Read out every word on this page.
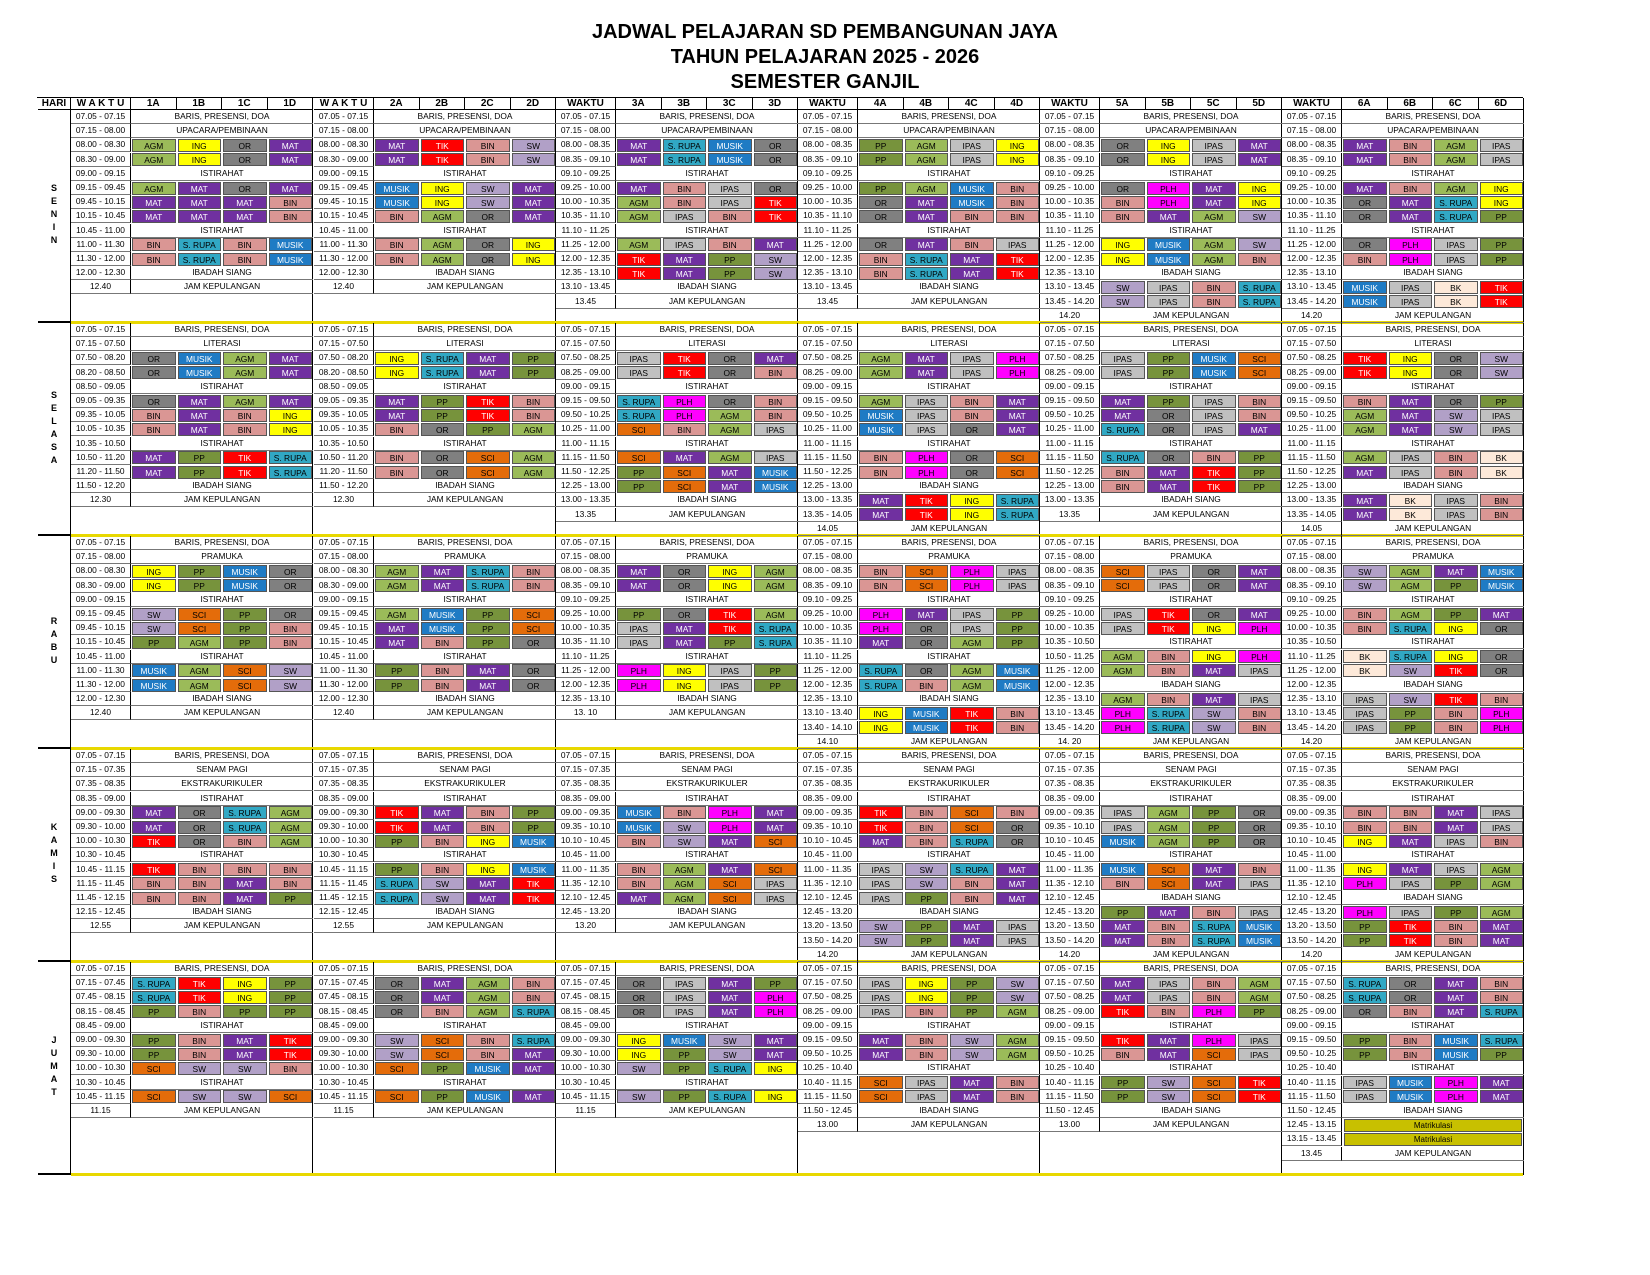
JADWAL PELAJARAN SD PEMBANGUNAN JAYA
TAHUN PELAJARAN 2025 - 2026
SEMESTER GANJIL
HARI	W A K T U	1A	1B	1C	1D	W A K T U	2A	2B	2C	2D	WAKTU	3A	3B	3C	3D	WAKTU	4A	4B	4C	4D	WAKTU	5A	5B	5C	5D	WAKTU	6A	6B	6C	6D
SENIN
07.05 - 07.15	BARIS, PRESENSI, DOA
07.15 - 08.00	UPACARA/PEMBINAAN
08.00 - 08.30	AGM	ING	OR	MAT
08.30 - 09.00	AGM	ING	OR	MAT
09.00 - 09.15	ISTIRAHAT
09.15 - 09.45	AGM	MAT	OR	MAT
09.45 - 10.15	MAT	MAT	MAT	BIN
10.15 - 10.45	MAT	MAT	MAT	BIN
10.45 - 11.00	ISTIRAHAT
11.00 - 11.30	BIN	S. RUPA	BIN	MUSIK
11.30 - 12.00	BIN	S. RUPA	BIN	MUSIK
12.00 - 12.30	IBADAH SIANG
12.40	JAM KEPULANGAN
07.05 - 07.15	BARIS, PRESENSI, DOA
07.15 - 08.00	UPACARA/PEMBINAAN
08.00 - 08.30	MAT	TIK	BIN	SW
08.30 - 09.00	MAT	TIK	BIN	SW
09.00 - 09.15	ISTIRAHAT
09.15 - 09.45	MUSIK	ING	SW	MAT
09.45 - 10.15	MUSIK	ING	SW	MAT
10.15 - 10.45	BIN	AGM	OR	MAT
10.45 - 11.00	ISTIRAHAT
11.00 - 11.30	BIN	AGM	OR	ING
11.30 - 12.00	BIN	AGM	OR	ING
12.00 - 12.30	IBADAH SIANG
12.40	JAM KEPULANGAN
07.05 - 07.15	BARIS, PRESENSI, DOA
07.15 - 08.00	UPACARA/PEMBINAAN
08.00 - 08.35	MAT	S. RUPA	MUSIK	OR
08.35 - 09.10	MAT	S. RUPA	MUSIK	OR
09.10 - 09.25	ISTIRAHAT
09.25 - 10.00	MAT	BIN	IPAS	OR
10.00 - 10.35	AGM	BIN	IPAS	TIK
10.35 - 11.10	AGM	IPAS	BIN	TIK
11.10 - 11.25	ISTIRAHAT
11.25 - 12.00	AGM	IPAS	BIN	MAT
12.00 - 12.35	TIK	MAT	PP	SW
12.35 - 13.10	TIK	MAT	PP	SW
13.10 - 13.45	IBADAH SIANG
13.45	JAM KEPULANGAN
07.05 - 07.15	BARIS, PRESENSI, DOA
07.15 - 08.00	UPACARA/PEMBINAAN
08.00 - 08.35	PP	AGM	IPAS	ING
08.35 - 09.10	PP	AGM	IPAS	ING
09.10 - 09.25	ISTIRAHAT
09.25 - 10.00	PP	AGM	MUSIK	BIN
10.00 - 10.35	OR	MAT	MUSIK	BIN
10.35 - 11.10	OR	MAT	BIN	BIN
11.10 - 11.25	ISTIRAHAT
11.25 - 12.00	OR	MAT	BIN	IPAS
12.00 - 12.35	BIN	S. RUPA	MAT	TIK
12.35 - 13.10	BIN	S. RUPA	MAT	TIK
13.10 - 13.45	IBADAH SIANG
13.45	JAM KEPULANGAN
07.05 - 07.15	BARIS, PRESENSI, DOA
07.15 - 08.00	UPACARA/PEMBINAAN
08.00 - 08.35	OR	ING	IPAS	MAT
08.35 - 09.10	OR	ING	IPAS	MAT
09.10 - 09.25	ISTIRAHAT
09.25 - 10.00	OR	PLH	MAT	ING
10.00 - 10.35	BIN	PLH	MAT	ING
10.35 - 11.10	BIN	MAT	AGM	SW
11.10 - 11.25	ISTIRAHAT
11.25 - 12.00	ING	MUSIK	AGM	SW
12.00 - 12.35	ING	MUSIK	AGM	BIN
12.35 - 13.10	IBADAH SIANG
13.10 - 13.45	SW	IPAS	BIN	S. RUPA
13.45 - 14.20	SW	IPAS	BIN	S. RUPA
14.20	JAM KEPULANGAN
07.05 - 07.15	BARIS, PRESENSI, DOA
07.15 - 08.00	UPACARA/PEMBINAAN
08.00 - 08.35	MAT	BIN	AGM	IPAS
08.35 - 09.10	MAT	BIN	AGM	IPAS
09.10 - 09.25	ISTIRAHAT
09.25 - 10.00	MAT	BIN	AGM	ING
10.00 - 10.35	OR	MAT	S. RUPA	ING
10.35 - 11.10	OR	MAT	S. RUPA	PP
11.10 - 11.25	ISTIRAHAT
11.25 - 12.00	OR	PLH	IPAS	PP
12.00 - 12.35	BIN	PLH	IPAS	PP
12.35 - 13.10	IBADAH SIANG
13.10 - 13.45	MUSIK	IPAS	BK	TIK
13.45 - 14.20	MUSIK	IPAS	BK	TIK
14.20	JAM KEPULANGAN
SELASA
07.05 - 07.15	BARIS, PRESENSI, DOA
07.15 - 07.50	LITERASI
07.50 - 08.20	OR	MUSIK	AGM	MAT
08.20 - 08.50	OR	MUSIK	AGM	MAT
08.50 - 09.05	ISTIRAHAT
09.05 - 09.35	OR	MAT	AGM	MAT
09.35 - 10.05	BIN	MAT	BIN	ING
10.05 - 10.35	BIN	MAT	BIN	ING
10.35 - 10.50	ISTIRAHAT
10.50 - 11.20	MAT	PP	TIK	S. RUPA
11.20 - 11.50	MAT	PP	TIK	S. RUPA
11.50 - 12.20	IBADAH SIANG
12.30	JAM KEPULANGAN
07.05 - 07.15	BARIS, PRESENSI, DOA
07.15 - 07.50	LITERASI
07.50 - 08.20	ING	S. RUPA	MAT	PP
08.20 - 08.50	ING	S. RUPA	MAT	PP
08.50 - 09.05	ISTIRAHAT
09.05 - 09.35	MAT	PP	TIK	BIN
09.35 - 10.05	MAT	PP	TIK	BIN
10.05 - 10.35	BIN	OR	PP	AGM
10.35 - 10.50	ISTIRAHAT
10.50 - 11.20	BIN	OR	SCI	AGM
11.20 - 11.50	BIN	OR	SCI	AGM
11.50 - 12.20	IBADAH SIANG
12.30	JAM KEPULANGAN
07.05 - 07.15	BARIS, PRESENSI, DOA
07.15 - 07.50	LITERASI
07.50 - 08.25	IPAS	TIK	OR	MAT
08.25 - 09.00	IPAS	TIK	OR	BIN
09.00 - 09.15	ISTIRAHAT
09.15 - 09.50	S. RUPA	PLH	OR	BIN
09.50 - 10.25	S. RUPA	PLH	AGM	BIN
10.25 - 11.00	SCI	BIN	AGM	IPAS
11.00 - 11.15	ISTIRAHAT
11.15 - 11.50	SCI	MAT	AGM	IPAS
11.50 - 12.25	PP	SCI	MAT	MUSIK
12.25 - 13.00	PP	SCI	MAT	MUSIK
13.00 - 13.35	IBADAH SIANG
13.35	JAM KEPULANGAN
07.05 - 07.15	BARIS, PRESENSI, DOA
07.15 - 07.50	LITERASI
07.50 - 08.25	AGM	MAT	IPAS	PLH
08.25 - 09.00	AGM	MAT	IPAS	PLH
09.00 - 09.15	ISTIRAHAT
09.15 - 09.50	AGM	IPAS	BIN	MAT
09.50 - 10.25	MUSIK	IPAS	BIN	MAT
10.25 - 11.00	MUSIK	IPAS	OR	MAT
11.00 - 11.15	ISTIRAHAT
11.15 - 11.50	BIN	PLH	OR	SCI
11.50 - 12.25	BIN	PLH	OR	SCI
12.25 - 13.00	IBADAH SIANG
13.00 - 13.35	MAT	TIK	ING	S. RUPA
13.35 - 14.05	MAT	TIK	ING	S. RUPA
14.05	JAM KEPULANGAN
07.05 - 07.15	BARIS, PRESENSI, DOA
07.15 - 07.50	LITERASI
07.50 - 08.25	IPAS	PP	MUSIK	SCI
08.25 - 09.00	IPAS	PP	MUSIK	SCI
09.00 - 09.15	ISTIRAHAT
09.15 - 09.50	MAT	PP	IPAS	BIN
09.50 - 10.25	MAT	OR	IPAS	BIN
10.25 - 11.00	S. RUPA	OR	IPAS	MAT
11.00 - 11.15	ISTIRAHAT
11.15 - 11.50	S. RUPA	OR	BIN	PP
11.50 - 12.25	BIN	MAT	TIK	PP
12.25 - 13.00	BIN	MAT	TIK	PP
13.00 - 13.35	IBADAH SIANG
13.35	JAM KEPULANGAN
07.05 - 07.15	BARIS, PRESENSI, DOA
07.15 - 07.50	LITERASI
07.50 - 08.25	TIK	ING	OR	SW
08.25 - 09.00	TIK	ING	OR	SW
09.00 - 09.15	ISTIRAHAT
09.15 - 09.50	BIN	MAT	OR	PP
09.50 - 10.25	AGM	MAT	SW	IPAS
10.25 - 11.00	AGM	MAT	SW	IPAS
11.00 - 11.15	ISTIRAHAT
11.15 - 11.50	AGM	IPAS	BIN	BK
11.50 - 12.25	MAT	IPAS	BIN	BK
12.25 - 13.00	IBADAH SIANG
13.00 - 13.35	MAT	BK	IPAS	BIN
13.35 - 14.05	MAT	BK	IPAS	BIN
14.05	JAM KEPULANGAN
RABU
07.05 - 07.15	BARIS, PRESENSI, DOA
07.15 - 08.00	PRAMUKA
08.00 - 08.30	ING	PP	MUSIK	OR
08.30 - 09.00	ING	PP	MUSIK	OR
09.00 - 09.15	ISTIRAHAT
09.15 - 09.45	SW	SCI	PP	OR
09.45 - 10.15	SW	SCI	PP	BIN
10.15 - 10.45	PP	AGM	PP	BIN
10.45 - 11.00	ISTIRAHAT
11.00 - 11.30	MUSIK	AGM	SCI	SW
11.30 - 12.00	MUSIK	AGM	SCI	SW
12.00 - 12.30	IBADAH SIANG
12.40	JAM KEPULANGAN
07.05 - 07.15	BARIS, PRESENSI, DOA
07.15 - 08.00	PRAMUKA
08.00 - 08.30	AGM	MAT	S. RUPA	BIN
08.30 - 09.00	AGM	MAT	S. RUPA	BIN
09.00 - 09.15	ISTIRAHAT
09.15 - 09.45	AGM	MUSIK	PP	SCI
09.45 - 10.15	MAT	MUSIK	PP	SCI
10.15 - 10.45	MAT	BIN	PP	OR
10.45 - 11.00	ISTIRAHAT
11.00 - 11.30	PP	BIN	MAT	OR
11.30 - 12.00	PP	BIN	MAT	OR
12.00 - 12.30	IBADAH SIANG
12.40	JAM KEPULANGAN
07.05 - 07.15	BARIS, PRESENSI, DOA
07.15 - 08.00	PRAMUKA
08.00 - 08.35	MAT	OR	ING	AGM
08.35 - 09.10	MAT	OR	ING	AGM
09.10 - 09.25	ISTIRAHAT
09.25 - 10.00	PP	OR	TIK	AGM
10.00 - 10.35	IPAS	MAT	TIK	S. RUPA
10.35 - 11.10	IPAS	MAT	PP	S. RUPA
11.10 - 11.25	ISTIRAHAT
11.25 - 12.00	PLH	ING	IPAS	PP
12.00 - 12.35	PLH	ING	IPAS	PP
12.35 - 13.10	IBADAH SIANG
13. 10	JAM KEPULANGAN
07.05 - 07.15	BARIS, PRESENSI, DOA
07.15 - 08.00	PRAMUKA
08.00 - 08.35	BIN	SCI	PLH	IPAS
08.35 - 09.10	BIN	SCI	PLH	IPAS
09.10 - 09.25	ISTIRAHAT
09.25 - 10.00	PLH	MAT	IPAS	PP
10.00 - 10.35	PLH	OR	IPAS	PP
10.35 - 11.10	MAT	OR	AGM	PP
11.10 - 11.25	ISTIRAHAT
11.25 - 12.00	S. RUPA	OR	AGM	MUSIK
12.00 - 12.35	S. RUPA	BIN	AGM	MUSIK
12.35 - 13.10	IBADAH SIANG
13.10 - 13.40	ING	MUSIK	TIK	BIN
13.40 - 14.10	ING	MUSIK	TIK	BIN
14.10	JAM KEPULANGAN
07.05 - 07.15	BARIS, PRESENSI, DOA
07.15 - 08.00	PRAMUKA
08.00 - 08.35	SCI	IPAS	OR	MAT
08.35 - 09.10	SCI	IPAS	OR	MAT
09.10 - 09.25	ISTIRAHAT
09.25 - 10.00	IPAS	TIK	OR	MAT
10.00 - 10.35	IPAS	TIK	ING	PLH
10.35 - 10.50	ISTIRAHAT
10.50 - 11.25	AGM	BIN	ING	PLH
11.25 - 12.00	AGM	BIN	MAT	IPAS
12.00 - 12.35	IBADAH SIANG
12.35 - 13.10	AGM	BIN	MAT	IPAS
13.10 - 13.45	PLH	S. RUPA	SW	BIN
13.45 - 14.20	PLH	S. RUPA	SW	BIN
14. 20	JAM KEPULANGAN
07.05 - 07.15	BARIS, PRESENSI, DOA
07.15 - 08.00	PRAMUKA
08.00 - 08.35	SW	AGM	MAT	MUSIK
08.35 - 09.10	SW	AGM	PP	MUSIK
09.10 - 09.25	ISTIRAHAT
09.25 - 10.00	BIN	AGM	PP	MAT
10.00 - 10.35	BIN	S. RUPA	ING	OR
10.35 - 10.50	ISTIRAHAT
11.10 - 11.25	BK	S. RUPA	ING	OR
11.25 - 12.00	BK	SW	TIK	OR
12.00 - 12.35	IBADAH SIANG
12.35 - 13.10	IPAS	SW	TIK	BIN
13.10 - 13.45	IPAS	PP	BIN	PLH
13.45 - 14.20	IPAS	PP	BIN	PLH
14.20	JAM KEPULANGAN
KAMIS
07.05 - 07.15	BARIS, PRESENSI, DOA
07.15 - 07.35	SENAM PAGI
07.35 - 08.35	EKSTRAKURIKULER
08.35 - 09.00	ISTIRAHAT
09.00 - 09.30	MAT	OR	S. RUPA	AGM
09.30 - 10.00	MAT	OR	S. RUPA	AGM
10.00 - 10.30	TIK	OR	BIN	AGM
10.30 - 10.45	ISTIRAHAT
10.45 - 11.15	TIK	BIN	BIN	BIN
11.15 - 11.45	BIN	BIN	MAT	BIN
11.45 - 12.15	BIN	BIN	MAT	PP
12.15 - 12.45	IBADAH SIANG
12.55	JAM KEPULANGAN
07.05 - 07.15	BARIS, PRESENSI, DOA
07.15 - 07.35	SENAM PAGI
07.35 - 08.35	EKSTRAKURIKULER
08.35 - 09.00	ISTIRAHAT
09.00 - 09.30	TIK	MAT	BIN	PP
09.30 - 10.00	TIK	MAT	BIN	PP
10.00 - 10.30	PP	BIN	ING	MUSIK
10.30 - 10.45	ISTIRAHAT
10.45 - 11.15	PP	BIN	ING	MUSIK
11.15 - 11.45	S. RUPA	SW	MAT	TIK
11.45 - 12.15	S. RUPA	SW	MAT	TIK
12.15 - 12.45	IBADAH SIANG
12.55	JAM KEPULANGAN
07.05 - 07.15	BARIS, PRESENSI, DOA
07.15 - 07.35	SENAM PAGI
07.35 - 08.35	EKSTRAKURIKULER
08.35 - 09.00	ISTIRAHAT
09.00 - 09.35	MUSIK	BIN	PLH	MAT
09.35 - 10.10	MUSIK	SW	PLH	MAT
10.10 - 10.45	BIN	SW	MAT	SCI
10.45 - 11.00	ISTIRAHAT
11.00 - 11.35	BIN	AGM	MAT	SCI
11.35 - 12.10	BIN	AGM	SCI	IPAS
12.10 - 12.45	MAT	AGM	SCI	IPAS
12.45 - 13.20	IBADAH SIANG
13.20	JAM KEPULANGAN
07.05 - 07.15	BARIS, PRESENSI, DOA
07.15 - 07.35	SENAM PAGI
07.35 - 08.35	EKSTRAKURIKULER
08.35 - 09.00	ISTIRAHAT
09.00 - 09.35	TIK	BIN	SCI	BIN
09.35 - 10.10	TIK	BIN	SCI	OR
10.10 - 10.45	MAT	BIN	S. RUPA	OR
10.45 - 11.00	ISTIRAHAT
11.00 - 11.35	IPAS	SW	S. RUPA	MAT
11.35 - 12.10	IPAS	SW	BIN	MAT
12.10 - 12.45	IPAS	PP	BIN	MAT
12.45 - 13.20	IBADAH SIANG
13.20 - 13.50	SW	PP	MAT	IPAS
13.50 - 14.20	SW	PP	MAT	IPAS
14.20	JAM KEPULANGAN
07.05 - 07.15	BARIS, PRESENSI, DOA
07.15 - 07.35	SENAM PAGI
07.35 - 08.35	EKSTRAKURIKULER
08.35 - 09.00	ISTIRAHAT
09.00 - 09.35	IPAS	AGM	PP	OR
09.35 - 10.10	IPAS	AGM	PP	OR
10.10 - 10.45	MUSIK	AGM	PP	OR
10.45 - 11.00	ISTIRAHAT
11.00 - 11.35	MUSIK	SCI	MAT	BIN
11.35 - 12.10	BIN	SCI	MAT	IPAS
12.10 - 12.45	IBADAH SIANG
12.45 - 13.20	PP	MAT	BIN	IPAS
13.20 - 13.50	MAT	BIN	S. RUPA	MUSIK
13.50 - 14.20	MAT	BIN	S. RUPA	MUSIK
14.20	JAM KEPULANGAN
07.05 - 07.15	BARIS, PRESENSI, DOA
07.15 - 07.35	SENAM PAGI
07.35 - 08.35	EKSTRAKURIKULER
08.35 - 09.00	ISTIRAHAT
09.00 - 09.35	BIN	BIN	MAT	IPAS
09.35 - 10.10	BIN	BIN	MAT	IPAS
10.10 - 10.45	ING	MAT	IPAS	BIN
10.45 - 11.00	ISTIRAHAT
11.00 - 11.35	ING	MAT	IPAS	AGM
11.35 - 12.10	PLH	IPAS	PP	AGM
12.10 - 12.45	IBADAH SIANG
12.45 - 13.20	PLH	IPAS	PP	AGM
13.20 - 13.50	PP	TIK	BIN	MAT
13.50 - 14.20	PP	TIK	BIN	MAT
14.20	JAM KEPULANGAN
JUMAT
07.05 - 07.15	BARIS, PRESENSI, DOA
07.15 - 07.45	S. RUPA	TIK	ING	PP
07.45 - 08.15	S. RUPA	TIK	ING	PP
08.15 - 08.45	PP	BIN	PP	PP
08.45 - 09.00	ISTIRAHAT
09.00 - 09.30	PP	BIN	MAT	TIK
09.30 - 10.00	PP	BIN	MAT	TIK
10.00 - 10.30	SCI	SW	SW	BIN
10.30 - 10.45	ISTIRAHAT
10.45 - 11.15	SCI	SW	SW	SCI
11.15	JAM KEPULANGAN
07.05 - 07.15	BARIS, PRESENSI, DOA
07.15 - 07.45	OR	MAT	AGM	BIN
07.45 - 08.15	OR	MAT	AGM	BIN
08.15 - 08.45	OR	BIN	AGM	S. RUPA
08.45 - 09.00	ISTIRAHAT
09.00 - 09.30	SW	SCI	BIN	S. RUPA
09.30 - 10.00	SW	SCI	BIN	MAT
10.00 - 10.30	SCI	PP	MUSIK	MAT
10.30 - 10.45	ISTIRAHAT
10.45 - 11.15	SCI	PP	MUSIK	MAT
11.15	JAM KEPULANGAN
07.05 - 07.15	BARIS, PRESENSI, DOA
07.15 - 07.45	OR	IPAS	MAT	PP
07.45 - 08.15	OR	IPAS	MAT	PLH
08.15 - 08.45	OR	IPAS	MAT	PLH
08.45 - 09.00	ISTIRAHAT
09.00 - 09.30	ING	MUSIK	SW	MAT
09.30 - 10.00	ING	PP	SW	MAT
10.00 - 10.30	SW	PP	S. RUPA	ING
10.30 - 10.45	ISTIRAHAT
10.45 - 11.15	SW	PP	S. RUPA	ING
11.15	JAM KEPULANGAN
07.05 - 07.15	BARIS, PRESENSI, DOA
07.15 - 07.50	IPAS	ING	PP	SW
07.50 - 08.25	IPAS	ING	PP	SW
08.25 - 09.00	IPAS	BIN	PP	AGM
09.00 - 09.15	ISTIRAHAT
09.15 - 09.50	MAT	BIN	SW	AGM
09.50 - 10.25	MAT	BIN	SW	AGM
10.25 - 10.40	ISTIRAHAT
10.40 - 11.15	SCI	IPAS	MAT	BIN
11.15 - 11.50	SCI	IPAS	MAT	BIN
11.50 - 12.45	IBADAH SIANG
13.00	JAM KEPULANGAN
07.05 - 07.15	BARIS, PRESENSI, DOA
07.15 - 07.50	MAT	IPAS	BIN	AGM
07.50 - 08.25	MAT	IPAS	BIN	AGM
08.25 - 09.00	TIK	BIN	PLH	PP
09.00 - 09.15	ISTIRAHAT
09.15 - 09.50	TIK	MAT	PLH	IPAS
09.50 - 10.25	BIN	MAT	SCI	IPAS
10.25 - 10.40	ISTIRAHAT
10.40 - 11.15	PP	SW	SCI	TIK
11.15 - 11.50	PP	SW	SCI	TIK
11.50 - 12.45	IBADAH SIANG
13.00	JAM KEPULANGAN
07.05 - 07.15	BARIS, PRESENSI, DOA
07.15 - 07.50	S. RUPA	OR	MAT	BIN
07.50 - 08.25	S. RUPA	OR	MAT	BIN
08.25 - 09.00	OR	BIN	MAT	S. RUPA
09.00 - 09.15	ISTIRAHAT
09.15 - 09.50	PP	BIN	MUSIK	S. RUPA
09.50 - 10.25	PP	BIN	MUSIK	PP
10.25 - 10.40	ISTIRAHAT
10.40 - 11.15	IPAS	MUSIK	PLH	MAT
11.15 - 11.50	IPAS	MUSIK	PLH	MAT
11.50 - 12.45	IBADAH SIANG
12.45 - 13.15	Matrikulasi
13.15 - 13.45	Matrikulasi
13.45	JAM KEPULANGAN
